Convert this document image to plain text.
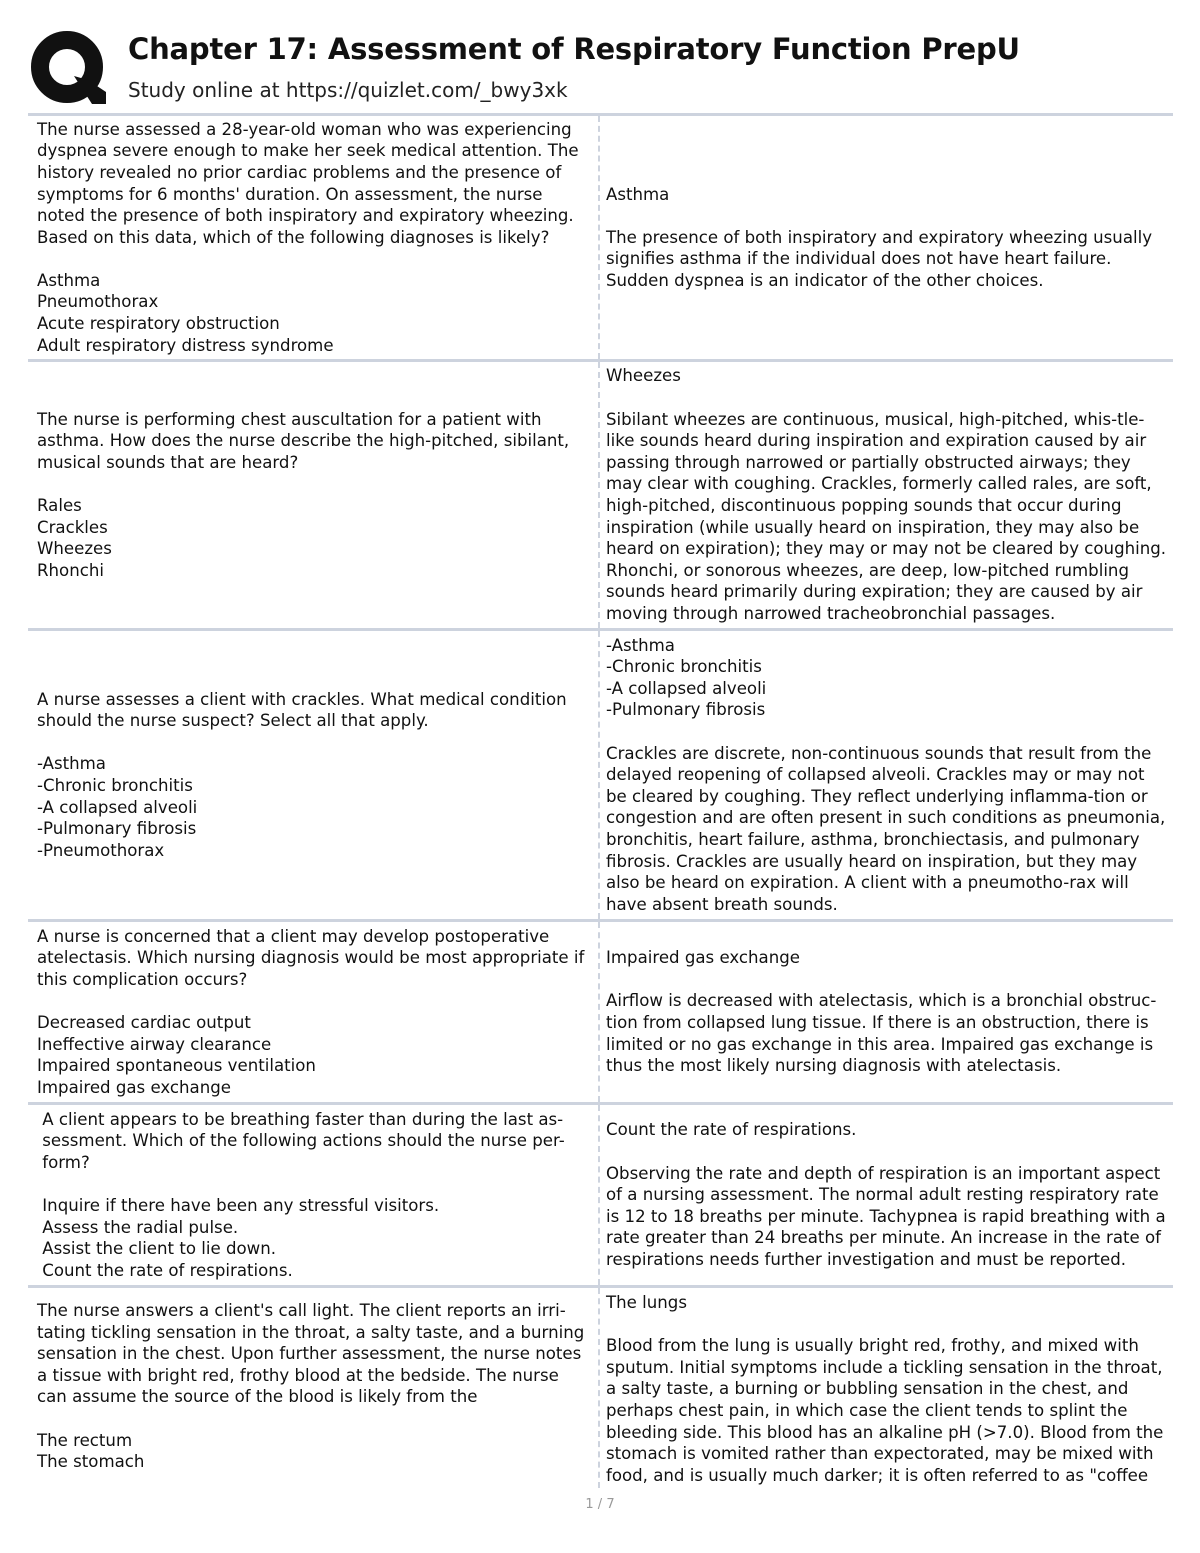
Chapter 17: Assessment of Respiratory Function PrepU
Study online at https://quizlet.com/_bwy3xk
The nurse assessed a 28-year-old woman who was experiencing dyspnea severe enough to make her seek medical attention. The history revealed no prior cardiac problems and the presence of symptoms for 6 months' duration. On assessment, the nurse noted the presence of both inspiratory and expiratory wheezing. Based on this data, which of the following diagnoses is likely?

Asthma
Pneumothorax
Acute respiratory obstruction
Adult respiratory distress syndrome
Asthma

The presence of both inspiratory and expiratory wheezing usually signifies asthma if the individual does not have heart failure. Sudden dyspnea is an indicator of the other choices.
The nurse is performing chest auscultation for a patient with asthma. How does the nurse describe the high-pitched, sibilant, musical sounds that are heard?

Rales
Crackles
Wheezes
Rhonchi
Wheezes

Sibilant wheezes are continuous, musical, high-pitched, whis-tle-like sounds heard during inspiration and expiration caused by air passing through narrowed or partially obstructed airways; they may clear with coughing. Crackles, formerly called rales, are soft, high-pitched, discontinuous popping sounds that occur during inspiration (while usually heard on inspiration, they may also be heard on expiration); they may or may not be cleared by coughing. Rhonchi, or sonorous wheezes, are deep, low-pitched rumbling sounds heard primarily during expiration; they are caused by air moving through narrowed tracheobronchial passages.
A nurse assesses a client with crackles. What medical condition should the nurse suspect? Select all that apply.

-Asthma
-Chronic bronchitis
-A collapsed alveoli
-Pulmonary fibrosis
-Pneumothorax
-Asthma
-Chronic bronchitis
-A collapsed alveoli
-Pulmonary fibrosis

Crackles are discrete, non-continuous sounds that result from the delayed reopening of collapsed alveoli. Crackles may or may not be cleared by coughing. They reflect underlying inflamma-tion or congestion and are often present in such conditions as pneumonia, bronchitis, heart failure, asthma, bronchiectasis, and pulmonary fibrosis. Crackles are usually heard on inspiration, but they may also be heard on expiration. A client with a pneumotho-rax will have absent breath sounds.
A nurse is concerned that a client may develop postoperative atelectasis. Which nursing diagnosis would be most appropriate if this complication occurs?

Decreased cardiac output
Ineffective airway clearance
Impaired spontaneous ventilation
Impaired gas exchange
Impaired gas exchange

Airflow is decreased with atelectasis, which is a bronchial obstruc-tion from collapsed lung tissue. If there is an obstruction, there is limited or no gas exchange in this area. Impaired gas exchange is thus the most likely nursing diagnosis with atelectasis.
A client appears to be breathing faster than during the last as-
sessment. Which of the following actions should the nurse per-
form?

Inquire if there have been any stressful visitors.
Assess the radial pulse.
Assist the client to lie down.
Count the rate of respirations.
Count the rate of respirations.

Observing the rate and depth of respiration is an important aspect of a nursing assessment. The normal adult resting respiratory rate is 12 to 18 breaths per minute. Tachypnea is rapid breathing with a rate greater than 24 breaths per minute. An increase in the rate of respirations needs further investigation and must be reported.
The nurse answers a client's call light. The client reports an irri-tating tickling sensation in the throat, a salty taste, and a burning sensation in the chest. Upon further assessment, the nurse notes a tissue with bright red, frothy blood at the bedside. The nurse can assume the source of the blood is likely from the

The rectum
The stomach
The lungs

Blood from the lung is usually bright red, frothy, and mixed with sputum. Initial symptoms include a tickling sensation in the throat, a salty taste, a burning or bubbling sensation in the chest, and perhaps chest pain, in which case the client tends to splint the bleeding side. This blood has an alkaline pH (>7.0). Blood from the stomach is vomited rather than expectorated, may be mixed with food, and is usually much darker; it is often referred to as "coffee
1 / 7
